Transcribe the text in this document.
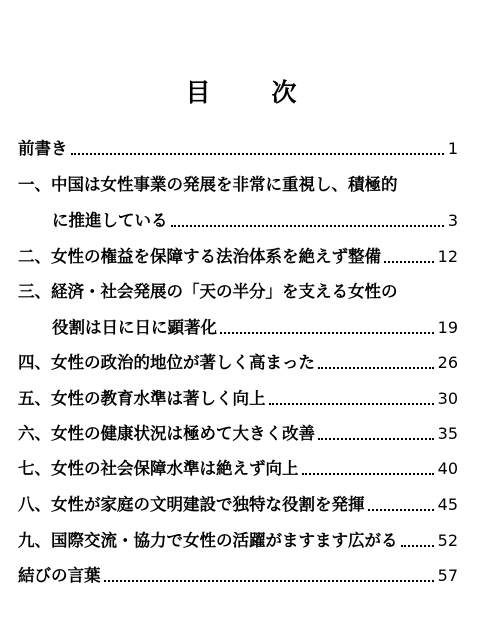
目　次
前書き	1
一、中国は女性事業の発展を非常に重視し、積極的
に推進している	3
二、女性の権益を保障する法治体系を絶えず整備	12
三、経済・社会発展の「天の半分」を支える女性の
役割は日に日に顕著化	19
四、女性の政治的地位が著しく高まった	26
五、女性の教育水準は著しく向上	30
六、女性の健康状況は極めて大きく改善	35
七、女性の社会保障水準は絶えず向上	40
八、女性が家庭の文明建設で独特な役割を発揮	45
九、国際交流・協力で女性の活躍がますます広がる	52
結びの言葉	57
